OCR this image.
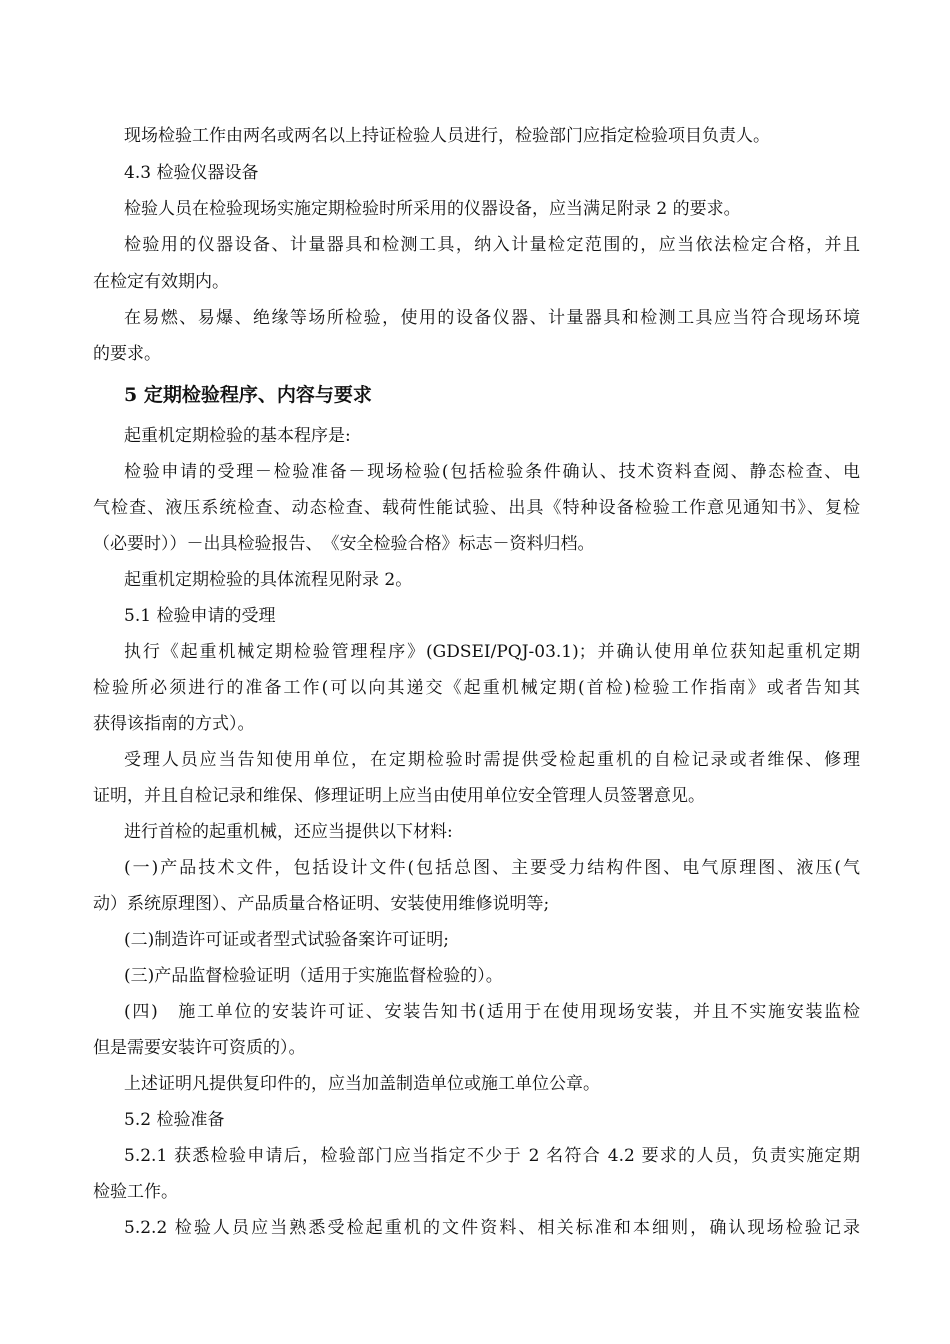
现场检验工作由两名或两名以上持证检验人员进行，检验部门应指定检验项目负责人。
4.3 检验仪器设备
检验人员在检验现场实施定期检验时所采用的仪器设备，应当满足附录 2 的要求。
检验用的仪器设备、计量器具和检测工具，纳入计量检定范围的，应当依法检定合格，并且
在检定有效期内。
在易燃、易爆、绝缘等场所检验，使用的设备仪器、计量器具和检测工具应当符合现场环境
的要求。
5 定期检验程序、内容与要求
起重机定期检验的基本程序是:
检验申请的受理－检验准备－现场检验(包括检验条件确认、技术资料查阅、静态检查、电
气检查、液压系统检查、动态检查、载荷性能试验、出具《特种设备检验工作意见通知书》、复检
（必要时））－出具检验报告、　《安全检验合格》标志－资料归档。
起重机定期检验的具体流程见附录 2。
5.1 检验申请的受理
执行《起重机械定期检验管理程序》(GDSEI/PQJ-03.1)；并确认使用单位获知起重机定期
检验所必须进行的准备工作(可以向其递交《起重机械定期(首检)检验工作指南》或者告知其
获得该指南的方式）。
受理人员应当告知使用单位，在定期检验时需提供受检起重机的自检记录或者维保、修理
证明，并且自检记录和维保、修理证明上应当由使用单位安全管理人员签署意见。
进行首检的起重机械，还应当提供以下材料:
(一)产品技术文件，包括设计文件(包括总图、主要受力结构件图、电气原理图、液压(气
动）系统原理图）、产品质量合格证明、安装使用维修说明等;
(二)制造许可证或者型式试验备案许可证明;
(三)产品监督检验证明（适用于实施监督检验的）。
(四)　施工单位的安装许可证、安装告知书(适用于在使用现场安装，并且不实施安装监检
但是需要安装许可资质的）。
上述证明凡提供复印件的，应当加盖制造单位或施工单位公章。
5.2 检验准备
5.2.1 获悉检验申请后，检验部门应当指定不少于 2 名符合 4.2 要求的人员，负责实施定期
检验工作。
5.2.2 检验人员应当熟悉受检起重机的文件资料、相关标准和本细则，确认现场检验记录
